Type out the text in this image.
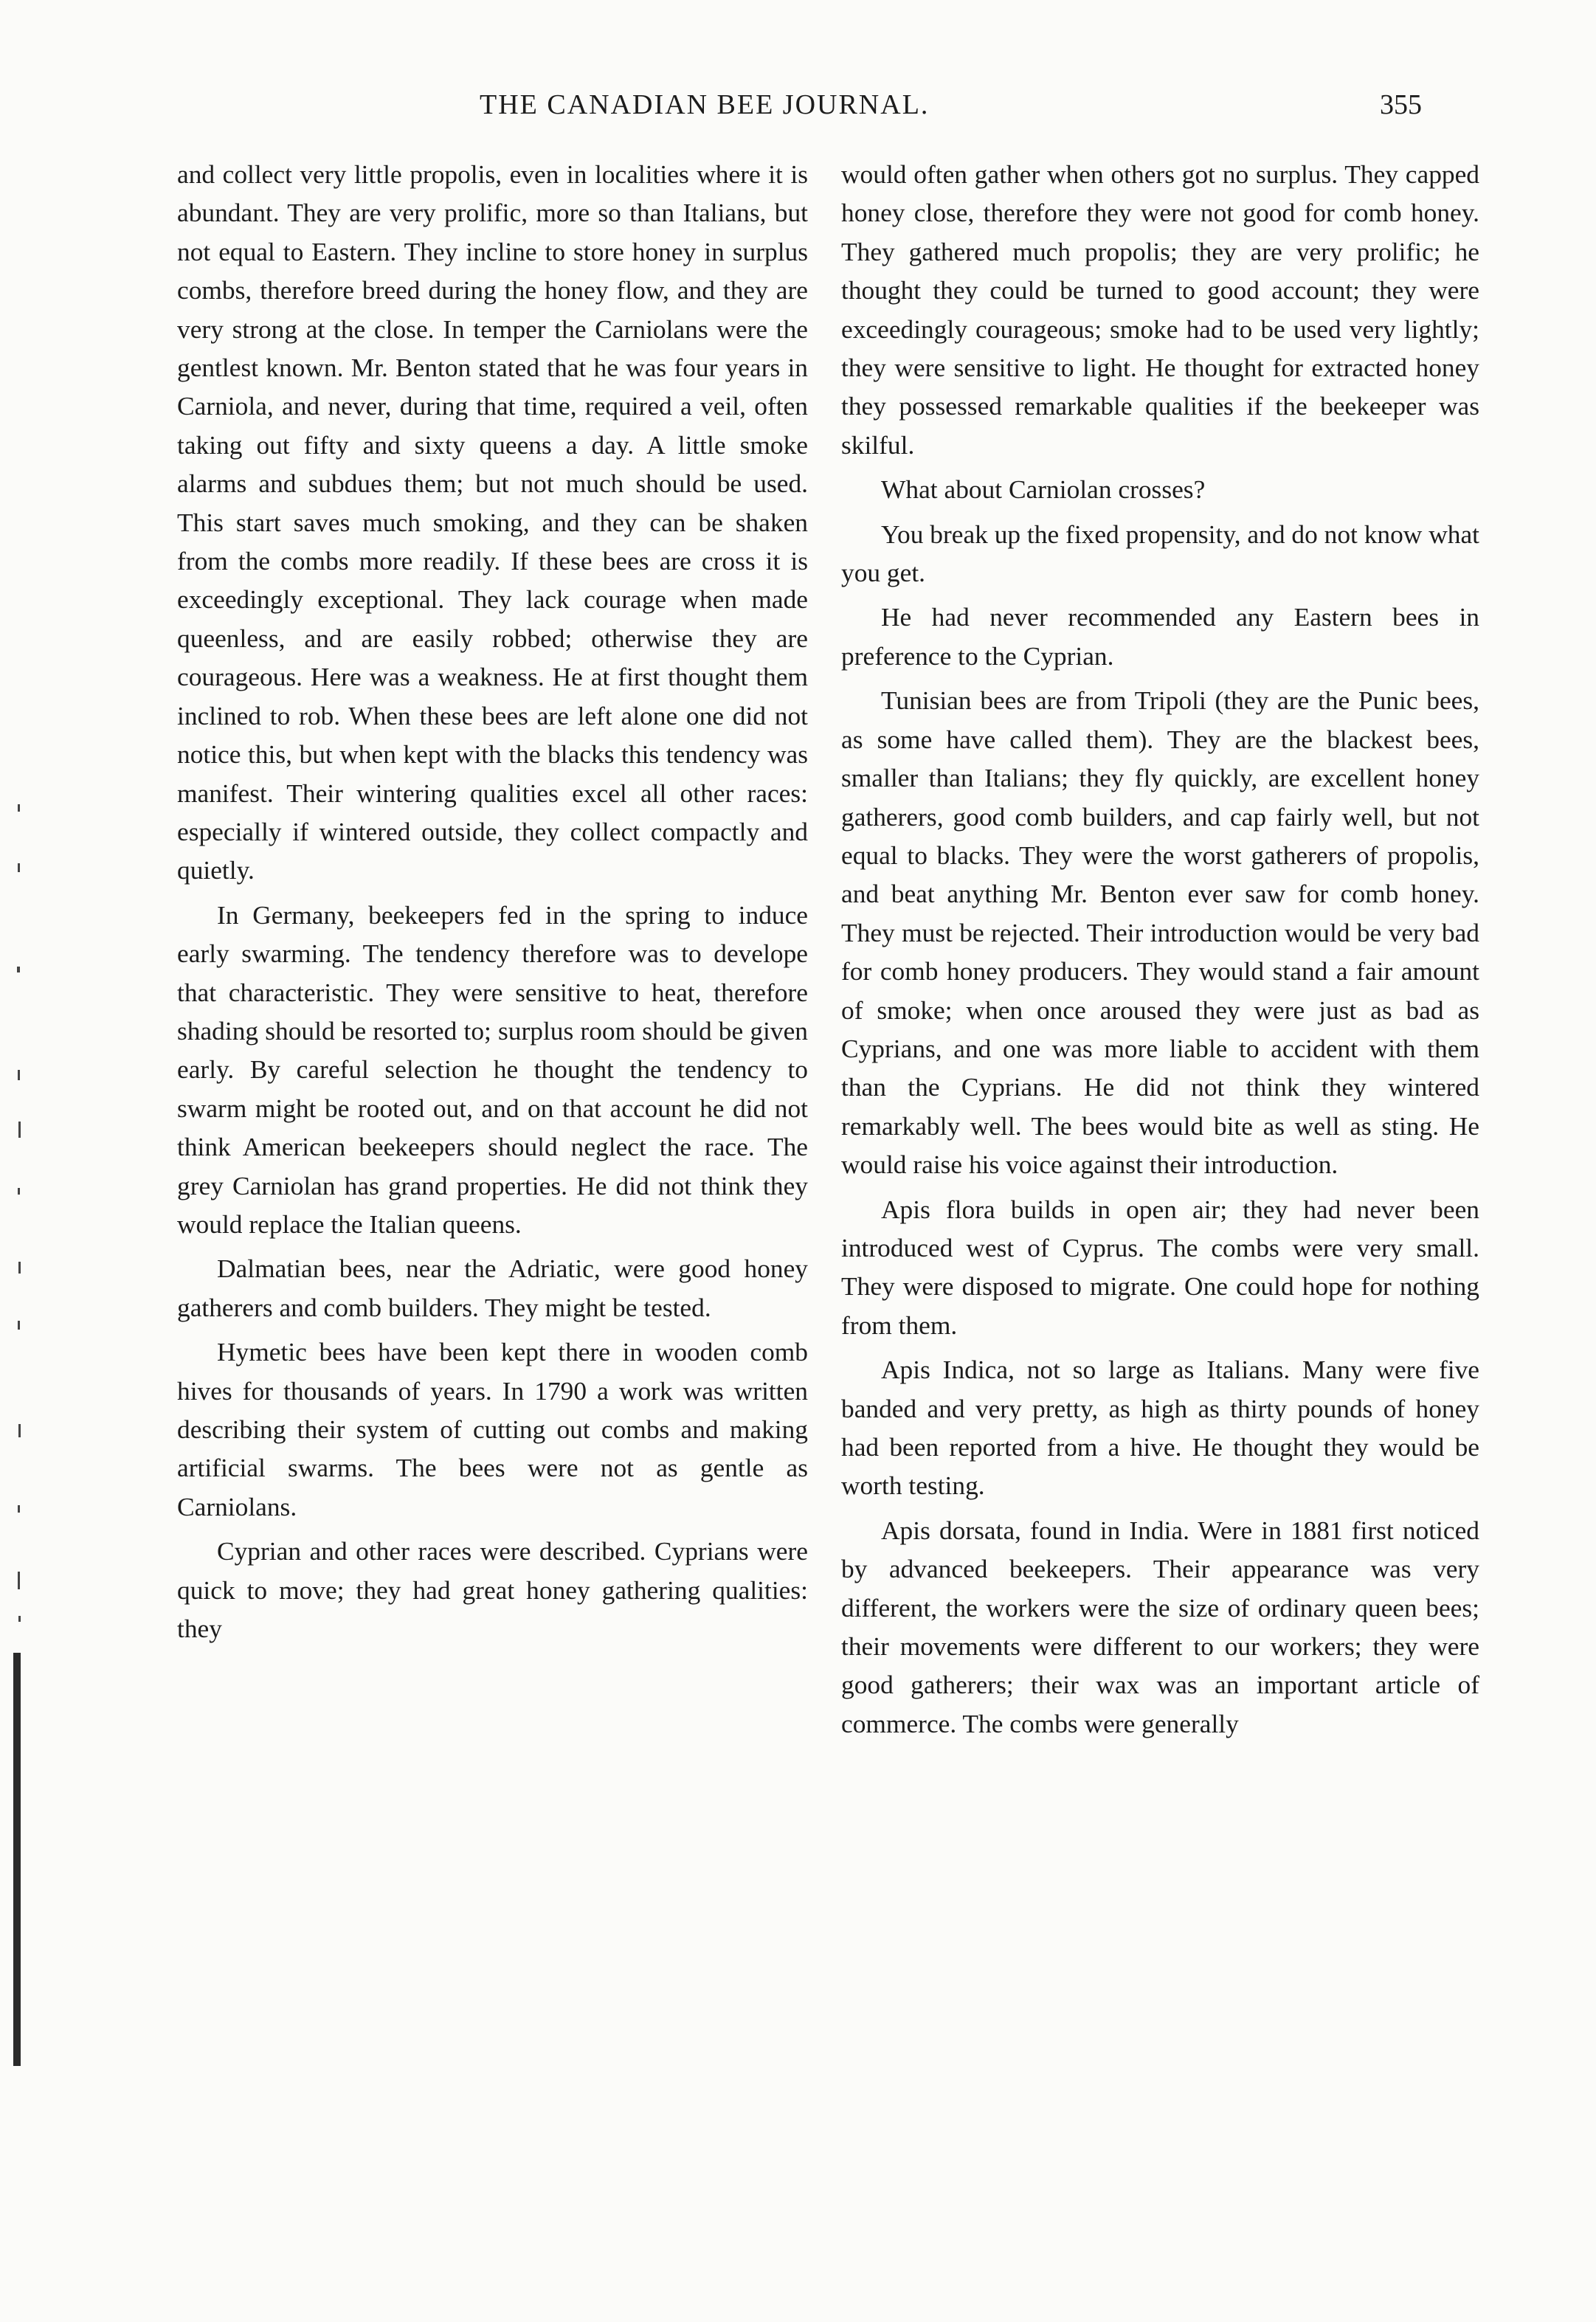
THE CANADIAN BEE JOURNAL.	355

and collect very little propolis, even in localities where it is abundant. They are very prolific, more so than Italians, but not equal to Eastern. They incline to store honey in surplus combs, therefore breed during the honey flow, and they are very strong at the close. In temper the Carniolans were the gentlest known. Mr. Benton stated that he was four years in Carniola, and never, during that time, required a veil, often taking out fifty and sixty queens a day. A little smoke alarms and subdues them; but not much should be used. This start saves much smoking, and they can be shaken from the combs more readily. If these bees are cross it is exceedingly exceptional. They lack courage when made queenless, and are easily robbed; otherwise they are courageous. Here was a weakness. He at first thought them inclined to rob. When these bees are left alone one did not notice this, but when kept with the blacks this tendency was manifest. Their wintering qualities excel all other races: especially if wintered outside, they collect compactly and quietly.

In Germany, beekeepers fed in the spring to induce early swarming. The tendency therefore was to develope that characteristic. They were sensitive to heat, therefore shading should be resorted to; surplus room should be given early. By careful selection he thought the tendency to swarm might be rooted out, and on that account he did not think American beekeepers should neglect the race. The grey Carniolan has grand properties. He did not think they would replace the Italian queens.

Dalmatian bees, near the Adriatic, were good honey gatherers and comb builders. They might be tested.

Hymetic bees have been kept there in wooden comb hives for thousands of years. In 1790 a work was written describing their system of cutting out combs and making artificial swarms. The bees were not as gentle as Carniolans.

Cyprian and other races were described. Cyprians were quick to move; they had great honey gathering qualities: they

would often gather when others got no surplus. They capped honey close, therefore they were not good for comb honey. They gathered much propolis; they are very prolific; he thought they could be turned to good account; they were exceedingly courageous; smoke had to be used very lightly; they were sensitive to light. He thought for extracted honey they possessed remarkable qualities if the beekeeper was skilful.

What about Carniolan crosses?

You break up the fixed propensity, and do not know what you get.

He had never recommended any Eastern bees in preference to the Cyprian.

Tunisian bees are from Tripoli (they are the Punic bees, as some have called them). They are the blackest bees, smaller than Italians; they fly quickly, are excellent honey gatherers, good comb builders, and cap fairly well, but not equal to blacks. They were the worst gatherers of propolis, and beat anything Mr. Benton ever saw for comb honey. They must be rejected. Their introduction would be very bad for comb honey producers. They would stand a fair amount of smoke; when once aroused they were just as bad as Cyprians, and one was more liable to accident with them than the Cyprians. He did not think they wintered remarkably well. The bees would bite as well as sting. He would raise his voice against their introduction.

Apis flora builds in open air; they had never been introduced west of Cyprus. The combs were very small. They were disposed to migrate. One could hope for nothing from them.

Apis Indica, not so large as Italians. Many were five banded and very pretty, as high as thirty pounds of honey had been reported from a hive. He thought they would be worth testing.

Apis dorsata, found in India. Were in 1881 first noticed by advanced beekeepers. Their appearance was very different, the workers were the size of ordinary queen bees; their movements were different to our workers; they were good gatherers; their wax was an important article of commerce. The combs were generally
